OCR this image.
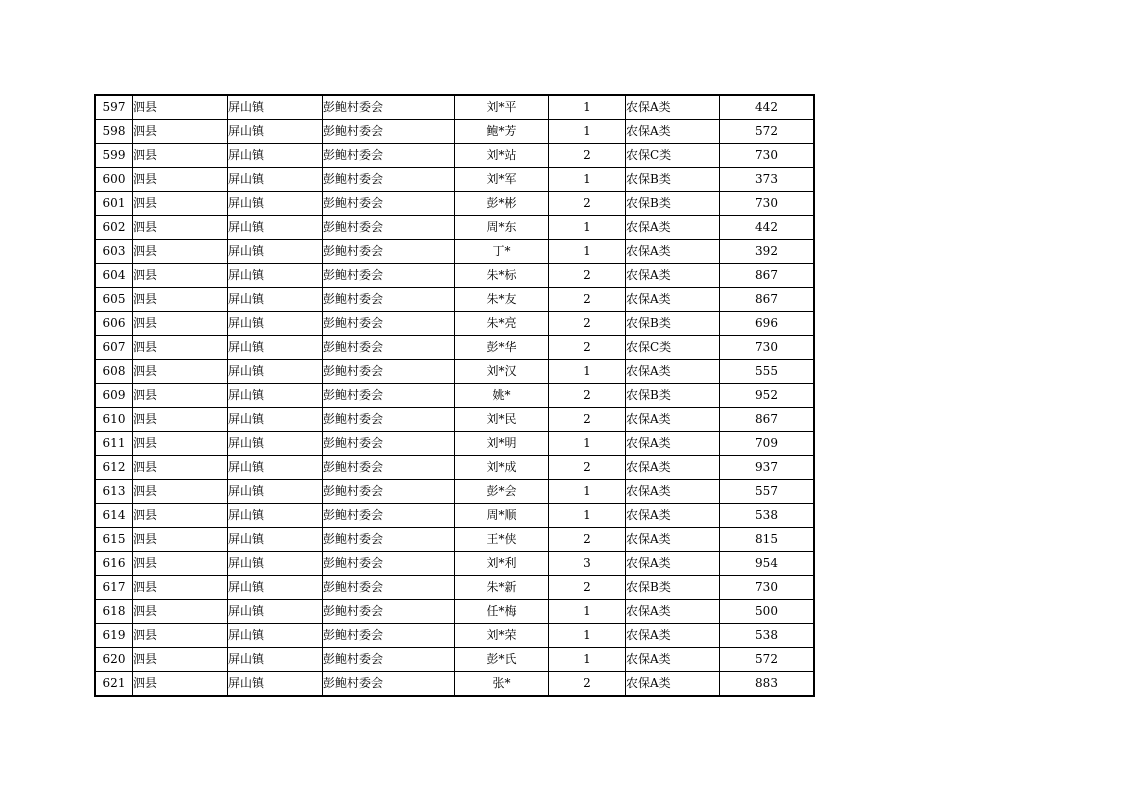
597	泗县	屏山镇	彭鲍村委会	刘*平	1	农保A类	442
598	泗县	屏山镇	彭鲍村委会	鲍*芳	1	农保A类	572
599	泗县	屏山镇	彭鲍村委会	刘*站	2	农保C类	730
600	泗县	屏山镇	彭鲍村委会	刘*军	1	农保B类	373
601	泗县	屏山镇	彭鲍村委会	彭*彬	2	农保B类	730
602	泗县	屏山镇	彭鲍村委会	周*东	1	农保A类	442
603	泗县	屏山镇	彭鲍村委会	丁*	1	农保A类	392
604	泗县	屏山镇	彭鲍村委会	朱*标	2	农保A类	867
605	泗县	屏山镇	彭鲍村委会	朱*友	2	农保A类	867
606	泗县	屏山镇	彭鲍村委会	朱*亮	2	农保B类	696
607	泗县	屏山镇	彭鲍村委会	彭*华	2	农保C类	730
608	泗县	屏山镇	彭鲍村委会	刘*汉	1	农保A类	555
609	泗县	屏山镇	彭鲍村委会	姚*	2	农保B类	952
610	泗县	屏山镇	彭鲍村委会	刘*民	2	农保A类	867
611	泗县	屏山镇	彭鲍村委会	刘*明	1	农保A类	709
612	泗县	屏山镇	彭鲍村委会	刘*成	2	农保A类	937
613	泗县	屏山镇	彭鲍村委会	彭*会	1	农保A类	557
614	泗县	屏山镇	彭鲍村委会	周*顺	1	农保A类	538
615	泗县	屏山镇	彭鲍村委会	王*侠	2	农保A类	815
616	泗县	屏山镇	彭鲍村委会	刘*利	3	农保A类	954
617	泗县	屏山镇	彭鲍村委会	朱*新	2	农保B类	730
618	泗县	屏山镇	彭鲍村委会	任*梅	1	农保A类	500
619	泗县	屏山镇	彭鲍村委会	刘*荣	1	农保A类	538
620	泗县	屏山镇	彭鲍村委会	彭*氏	1	农保A类	572
621	泗县	屏山镇	彭鲍村委会	张*	2	农保A类	883
